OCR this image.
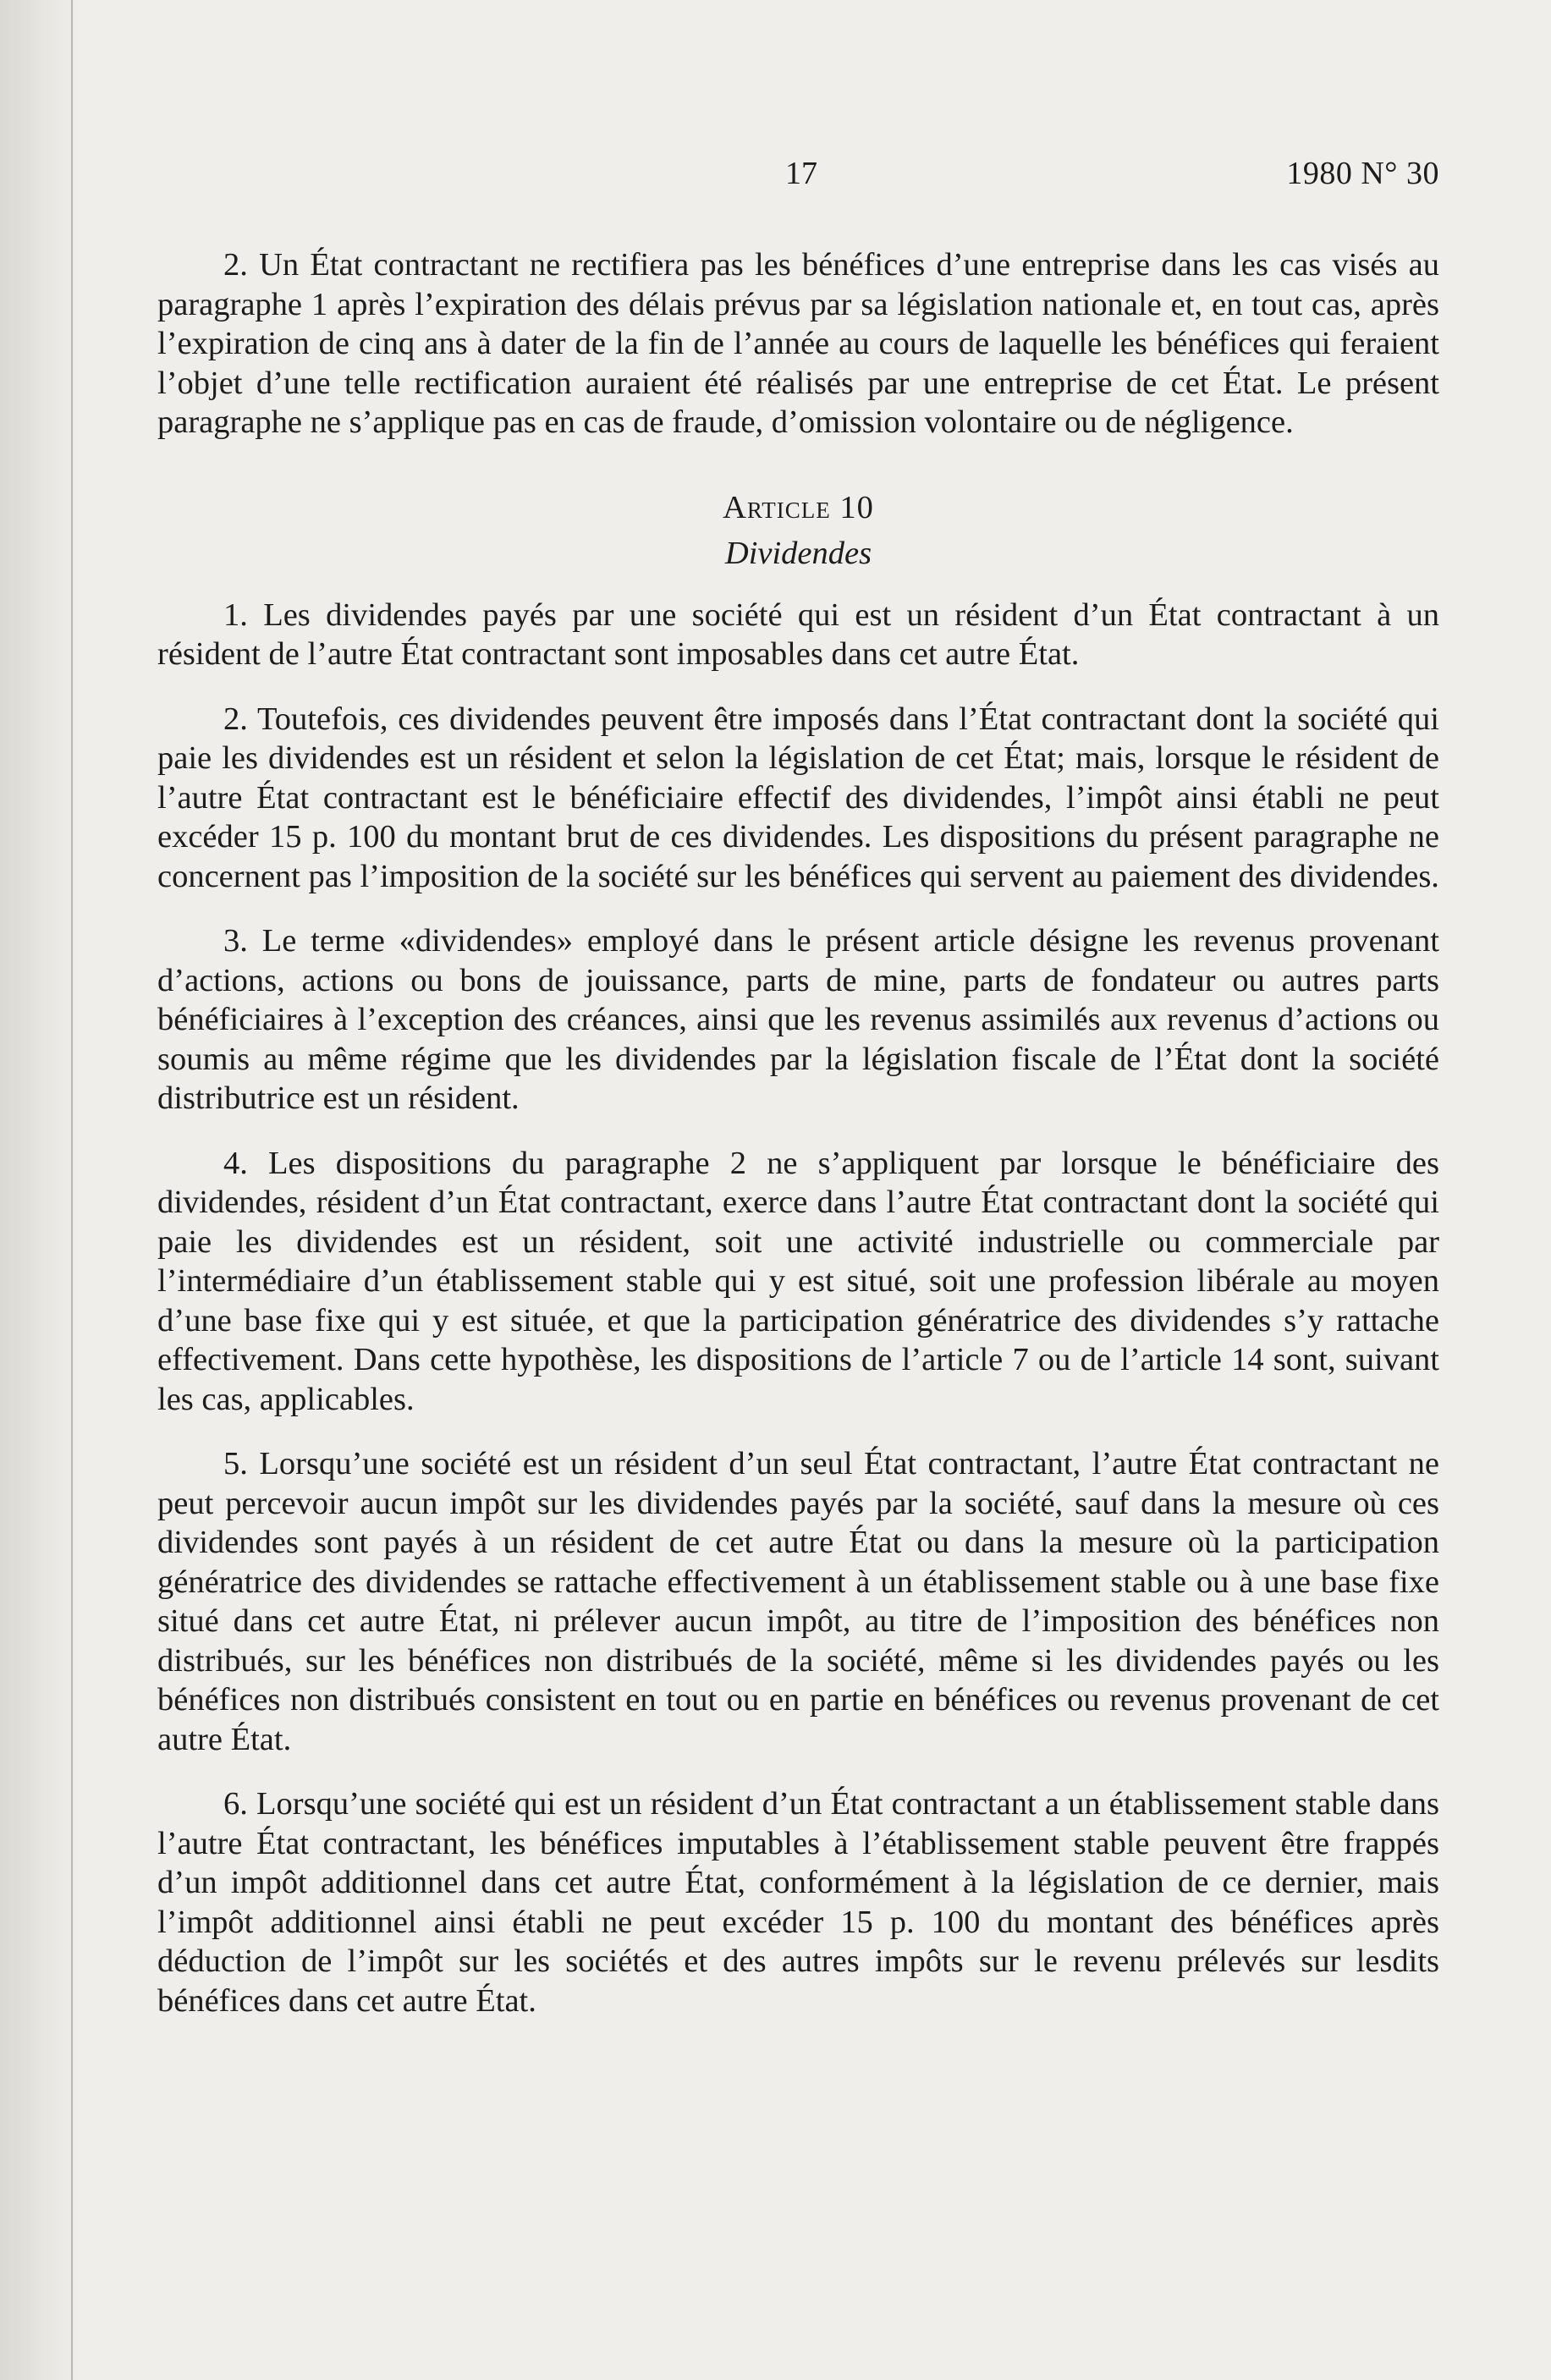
17	1980 N° 30

2. Un État contractant ne rectifiera pas les bénéfices d’une entreprise dans les cas visés au paragraphe 1 après l’expiration des délais prévus par sa législation nationale et, en tout cas, après l’expiration de cinq ans à dater de la fin de l’année au cours de laquelle les bénéfices qui feraient l’objet d’une telle rectification auraient été réalisés par une entreprise de cet État. Le présent paragraphe ne s’applique pas en cas de fraude, d’omission volontaire ou de négligence.

Article 10
Dividendes

1. Les dividendes payés par une société qui est un résident d’un État contractant à un résident de l’autre État contractant sont imposables dans cet autre État.

2. Toutefois, ces dividendes peuvent être imposés dans l’État contractant dont la société qui paie les dividendes est un résident et selon la législation de cet État; mais, lorsque le résident de l’autre État contractant est le bénéficiaire effectif des dividendes, l’impôt ainsi établi ne peut excéder 15 p. 100 du montant brut de ces dividendes. Les dispositions du présent paragraphe ne concernent pas l’imposition de la société sur les bénéfices qui servent au paiement des dividendes.

3. Le terme «dividendes» employé dans le présent article désigne les revenus provenant d’actions, actions ou bons de jouissance, parts de mine, parts de fondateur ou autres parts bénéficiaires à l’exception des créances, ainsi que les revenus assimilés aux revenus d’actions ou soumis au même régime que les dividendes par la législation fiscale de l’État dont la société distributrice est un résident.

4. Les dispositions du paragraphe 2 ne s’appliquent par lorsque le bénéficiaire des dividendes, résident d’un État contractant, exerce dans l’autre État contractant dont la société qui paie les dividendes est un résident, soit une activité industrielle ou commerciale par l’intermédiaire d’un établissement stable qui y est situé, soit une profession libérale au moyen d’une base fixe qui y est située, et que la participation génératrice des dividendes s’y rattache effectivement. Dans cette hypothèse, les dispositions de l’article 7 ou de l’article 14 sont, suivant les cas, applicables.

5. Lorsqu’une société est un résident d’un seul État contractant, l’autre État contractant ne peut percevoir aucun impôt sur les dividendes payés par la société, sauf dans la mesure où ces dividendes sont payés à un résident de cet autre État ou dans la mesure où la participation génératrice des dividendes se rattache effectivement à un établissement stable ou à une base fixe situé dans cet autre État, ni prélever aucun impôt, au titre de l’imposition des bénéfices non distribués, sur les bénéfices non distribués de la société, même si les dividendes payés ou les bénéfices non distribués consistent en tout ou en partie en bénéfices ou revenus provenant de cet autre État.

6. Lorsqu’une société qui est un résident d’un État contractant a un établissement stable dans l’autre État contractant, les bénéfices imputables à l’établissement stable peuvent être frappés d’un impôt additionnel dans cet autre État, conformément à la législation de ce dernier, mais l’impôt additionnel ainsi établi ne peut excéder 15 p. 100 du montant des bénéfices après déduction de l’impôt sur les sociétés et des autres impôts sur le revenu prélevés sur lesdits bénéfices dans cet autre État.
